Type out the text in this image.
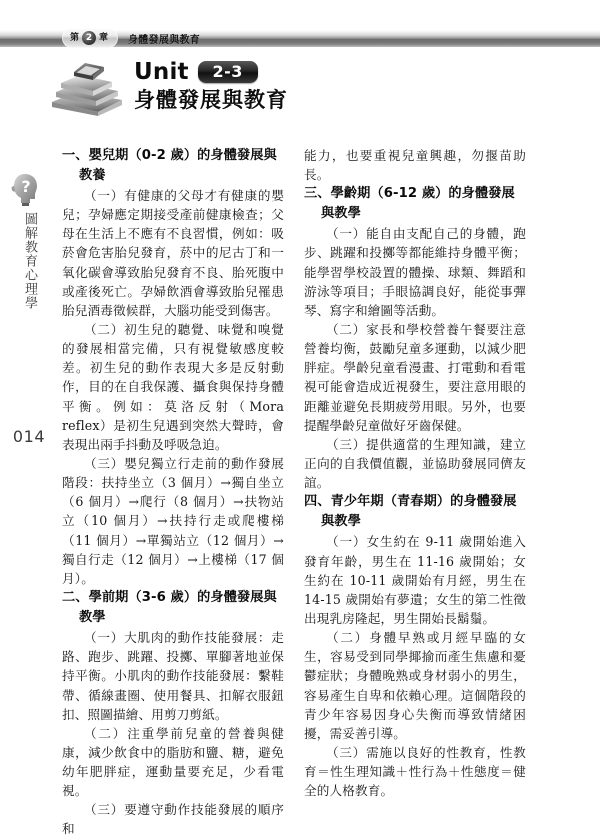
第 2 章 身體發展與教育
Unit	2-3
身體發展與教育
?
圖解教育心理學
014
一、嬰兒期（0-2 歲）的身體發展與教養

（一）有健康的父母才有健康的嬰兒；孕婦應定期接受產前健康檢查；父母在生活上不應有不良習慣，例如：吸菸會危害胎兒發育，菸中的尼古丁和一氧化碳會導致胎兒發育不良、胎死腹中或產後死亡。孕婦飲酒會導致胎兒罹患胎兒酒毒徵候群，大腦功能受到傷害。

（二）初生兒的聽覺、味覺和嗅覺的發展相當完備，只有視覺敏感度較差。初生兒的動作表現大多是反射動作，目的在自我保護、攝食與保持身體平衡。例如：莫洛反射（Mora reflex）是初生兒遇到突然大聲時，會表現出兩手抖動及呼吸急迫。

（三）嬰兒獨立行走前的動作發展階段：扶持坐立（3 個月）→獨自坐立（6 個月）→爬行（8 個月）→扶物站立（10 個月）→扶持行走或爬樓梯（11 個月）→單獨站立（12 個月）→獨自行走（12 個月）→上樓梯（17 個月）。

二、學前期（3-6 歲）的身體發展與教學

（一）大肌肉的動作技能發展：走路、跑步、跳躍、投擲、單腳著地並保持平衡。小肌肉的動作技能發展：繫鞋帶、循線畫圈、使用餐具、扣解衣服鈕扣、照圖描繪、用剪刀剪紙。

（二）注重學前兒童的營養與健康，減少飲食中的脂肪和鹽、糖，避免幼年肥胖症，運動量要充足，少看電視。

（三）要遵守動作技能發展的順序和

能力，也要重視兒童興趣，勿揠苗助長。

三、學齡期（6-12 歲）的身體發展與教學

（一）能自由支配自己的身體，跑步、跳躍和投擲等都能維持身體平衡；能學習學校設置的體操、球類、舞蹈和游泳等項目；手眼協調良好，能從事彈琴、寫字和繪圖等活動。

（二）家長和學校營養午餐要注意營養均衡，鼓勵兒童多運動，以減少肥胖症。學齡兒童看漫畫、打電動和看電視可能會造成近視發生，要注意用眼的距離並避免長期疲勞用眼。另外，也要提醒學齡兒童做好牙齒保健。

（三）提供適當的生理知識，建立正向的自我價值觀，並協助發展同儕友誼。

四、青少年期（青春期）的身體發展與教學

（一）女生約在 9-11 歲開始進入發育年齡，男生在 11-16 歲開始；女生約在 10-11 歲開始有月經，男生在 14-15 歲開始有夢遺；女生的第二性徵出現乳房隆起，男生開始長鬍鬚。

（二）身體早熟或月經早臨的女生，容易受到同學揶揄而產生焦慮和憂鬱症狀；身體晚熟或身材弱小的男生，容易產生自卑和依賴心理。這個階段的青少年容易因身心失衡而導致情緒困擾，需妥善引導。

（三）需施以良好的性教育，性教育＝性生理知識＋性行為＋性態度＝健全的人格教育。
